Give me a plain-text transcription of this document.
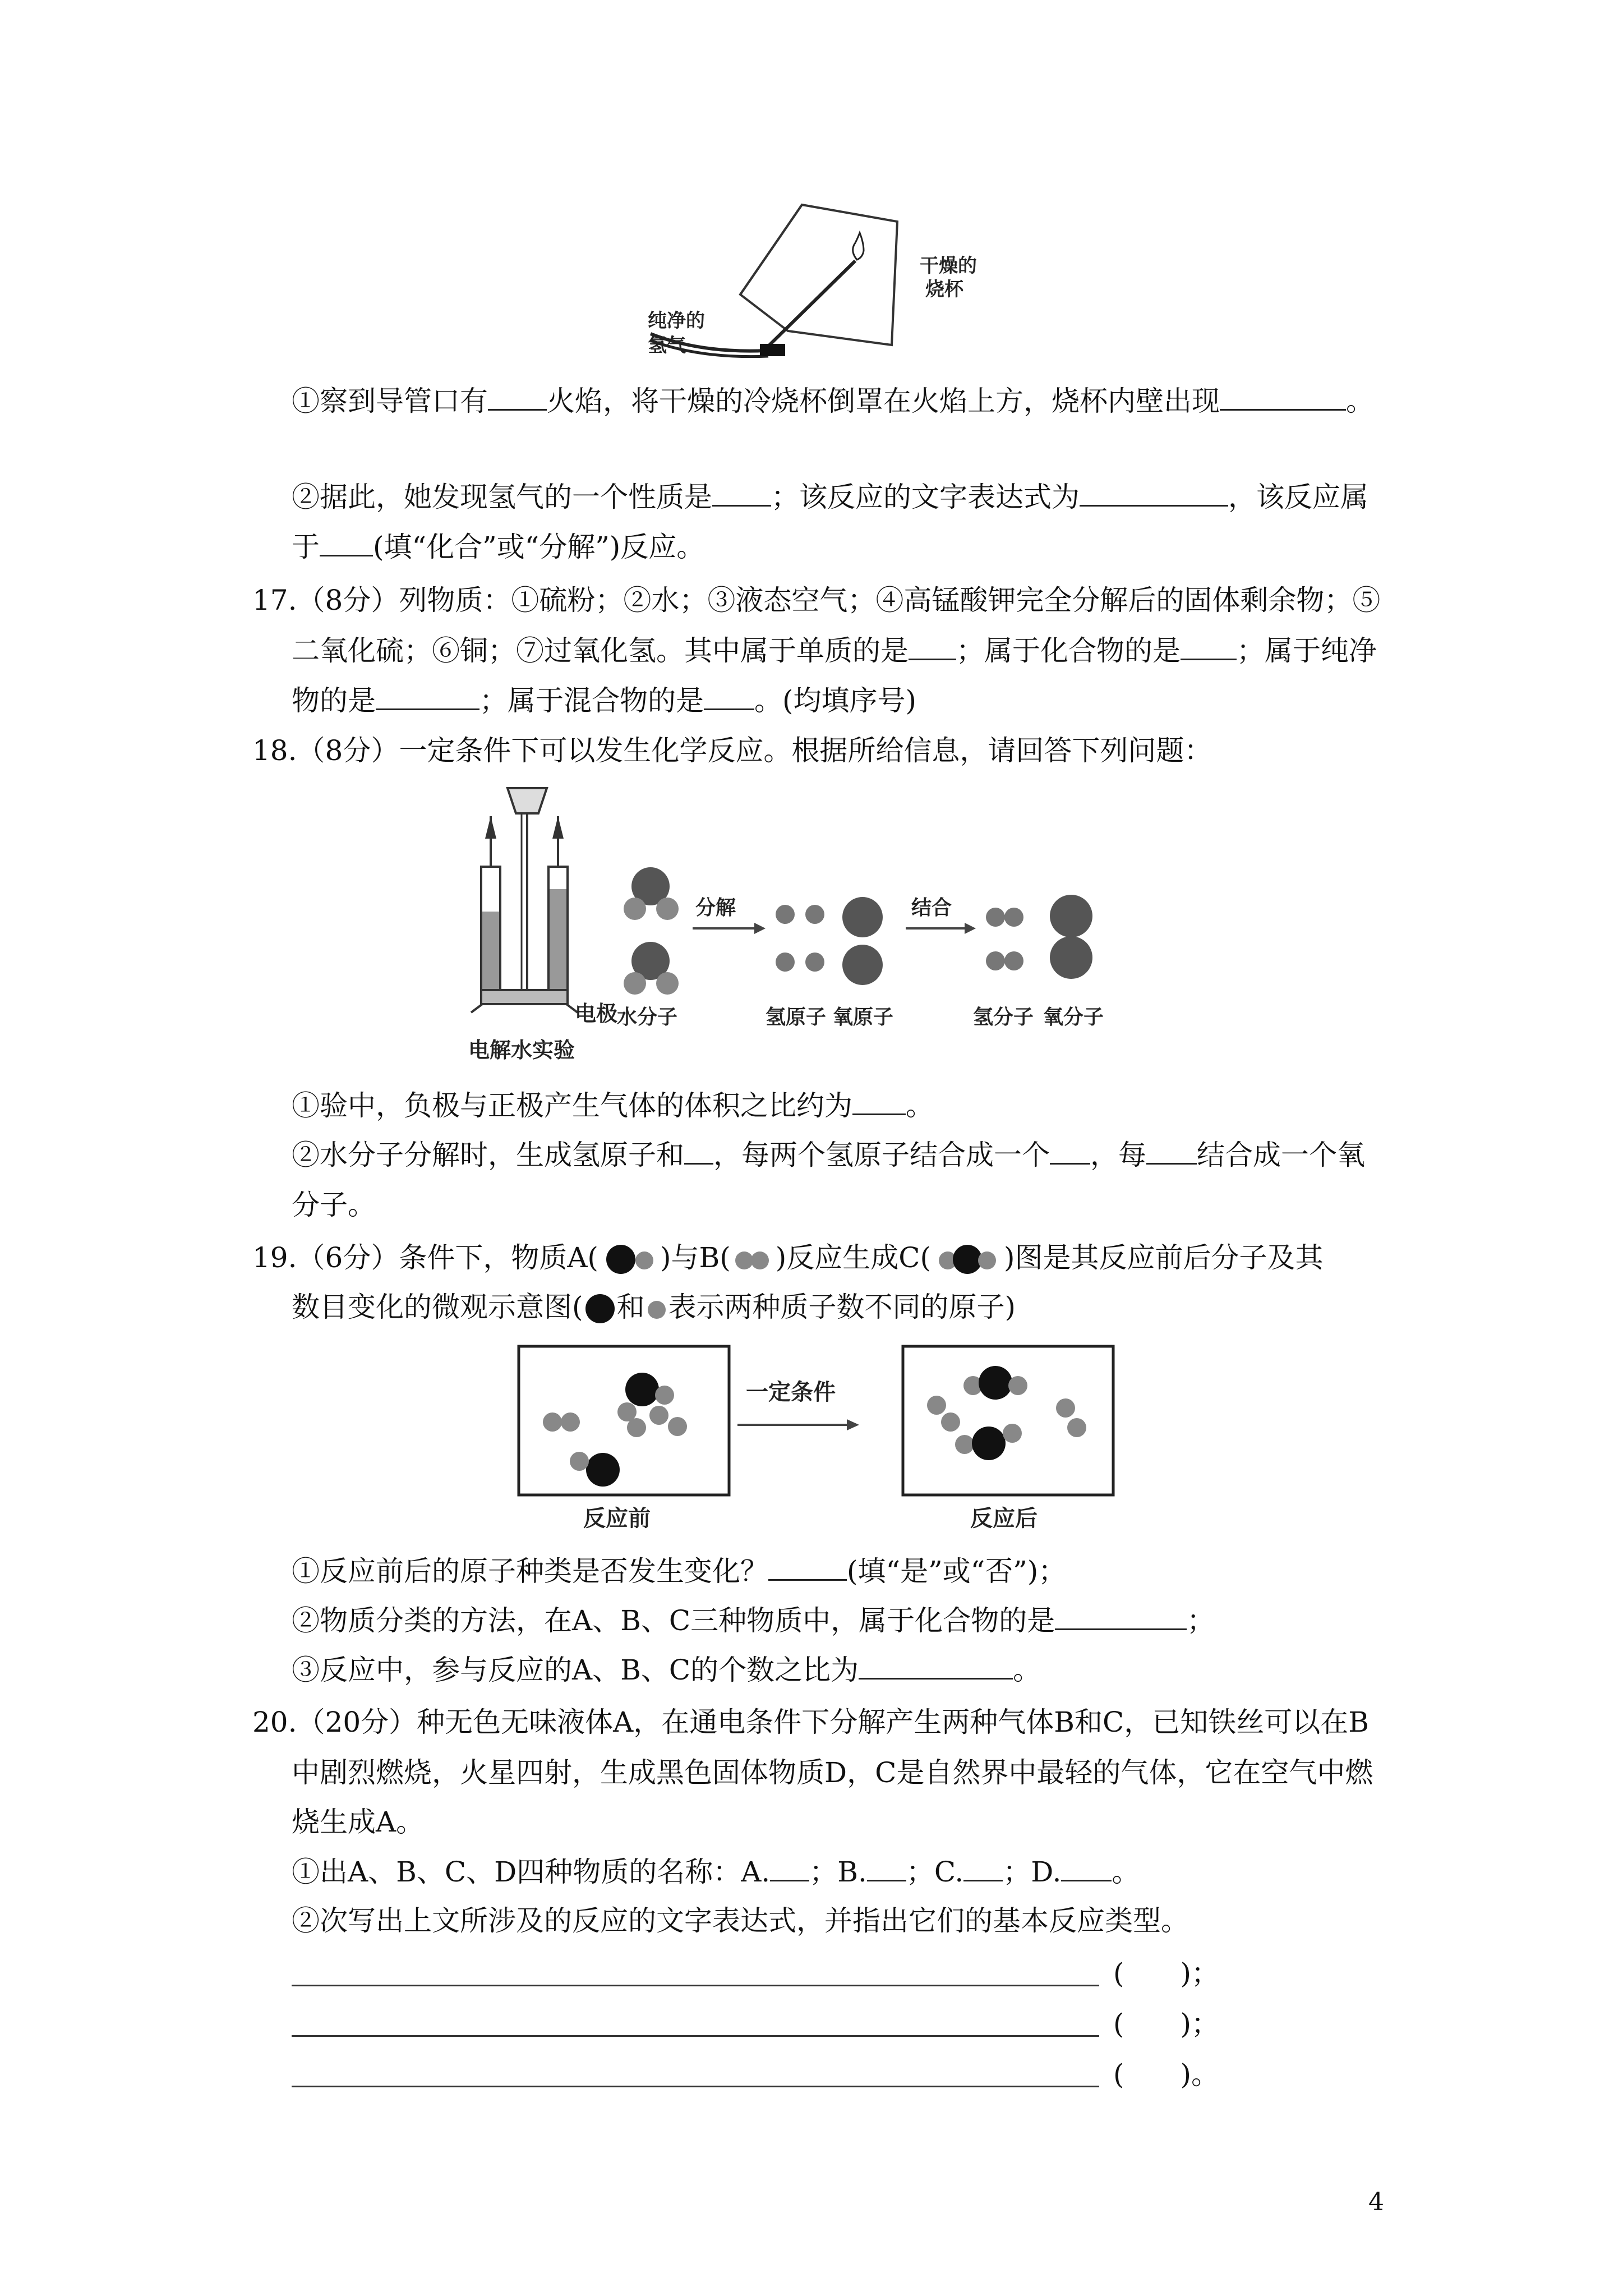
干燥的
烧杯
纯净的
氢气
①察到导管口有 火焰，将干燥的冷烧杯倒罩在火焰上方，烧杯内壁出现	。
②据此，她发现氢气的一个性质是 ；该反应的文字表达式为	，该反应属
于 (填“化合”或“分解”)反应。
17.（8分）列物质：①硫粉；②水；③液态空气；④高锰酸钾完全分解后的固体剩余物；⑤
二氧化硫；⑥铜；⑦过氧化氢。其中属于单质的是 ；属于化合物的是 ；属于纯净
物的是	；属于混合物的是 。(均填序号)
18.（8分）一定条件下可以发生化学反应。根据所给信息，请回答下列问题：
电极
电解水实验
水分子
分解
氢原子 氧原子
结合
氢分子 氧分子
①验中，负极与正极产生气体的体积之比约为 。
②水分子分解时，生成氢原子和 ，每两个氢原子结合成一个 ，每 结合成一个氧
分子。
19.（6分）条件下，物质A( )与B( )反应生成C(	)图是其反应前后分子及其
数目变化的微观示意图( 和 表示两种质子数不同的原子)
一定条件
反应前	反应后
①反应前后的原子种类是否发生变化？	(填“是”或“否”)；
②物质分类的方法，在A、B、C三种物质中，属于化合物的是	；
③反应中，参与反应的A、B、C的个数之比为	。
20.（20分）种无色无味液体A，在通电条件下分解产生两种气体B和C，已知铁丝可以在B
中剧烈燃烧，火星四射，生成黑色固体物质D，C是自然界中最轻的气体，它在空气中燃
烧生成A。
①出A、B、C、D四种物质的名称：A. ；B. ；C. ；D. 。
②次写出上文所涉及的反应的文字表达式，并指出它们的基本反应类型。
(　　)；
(　　)；
(　　)。
4
